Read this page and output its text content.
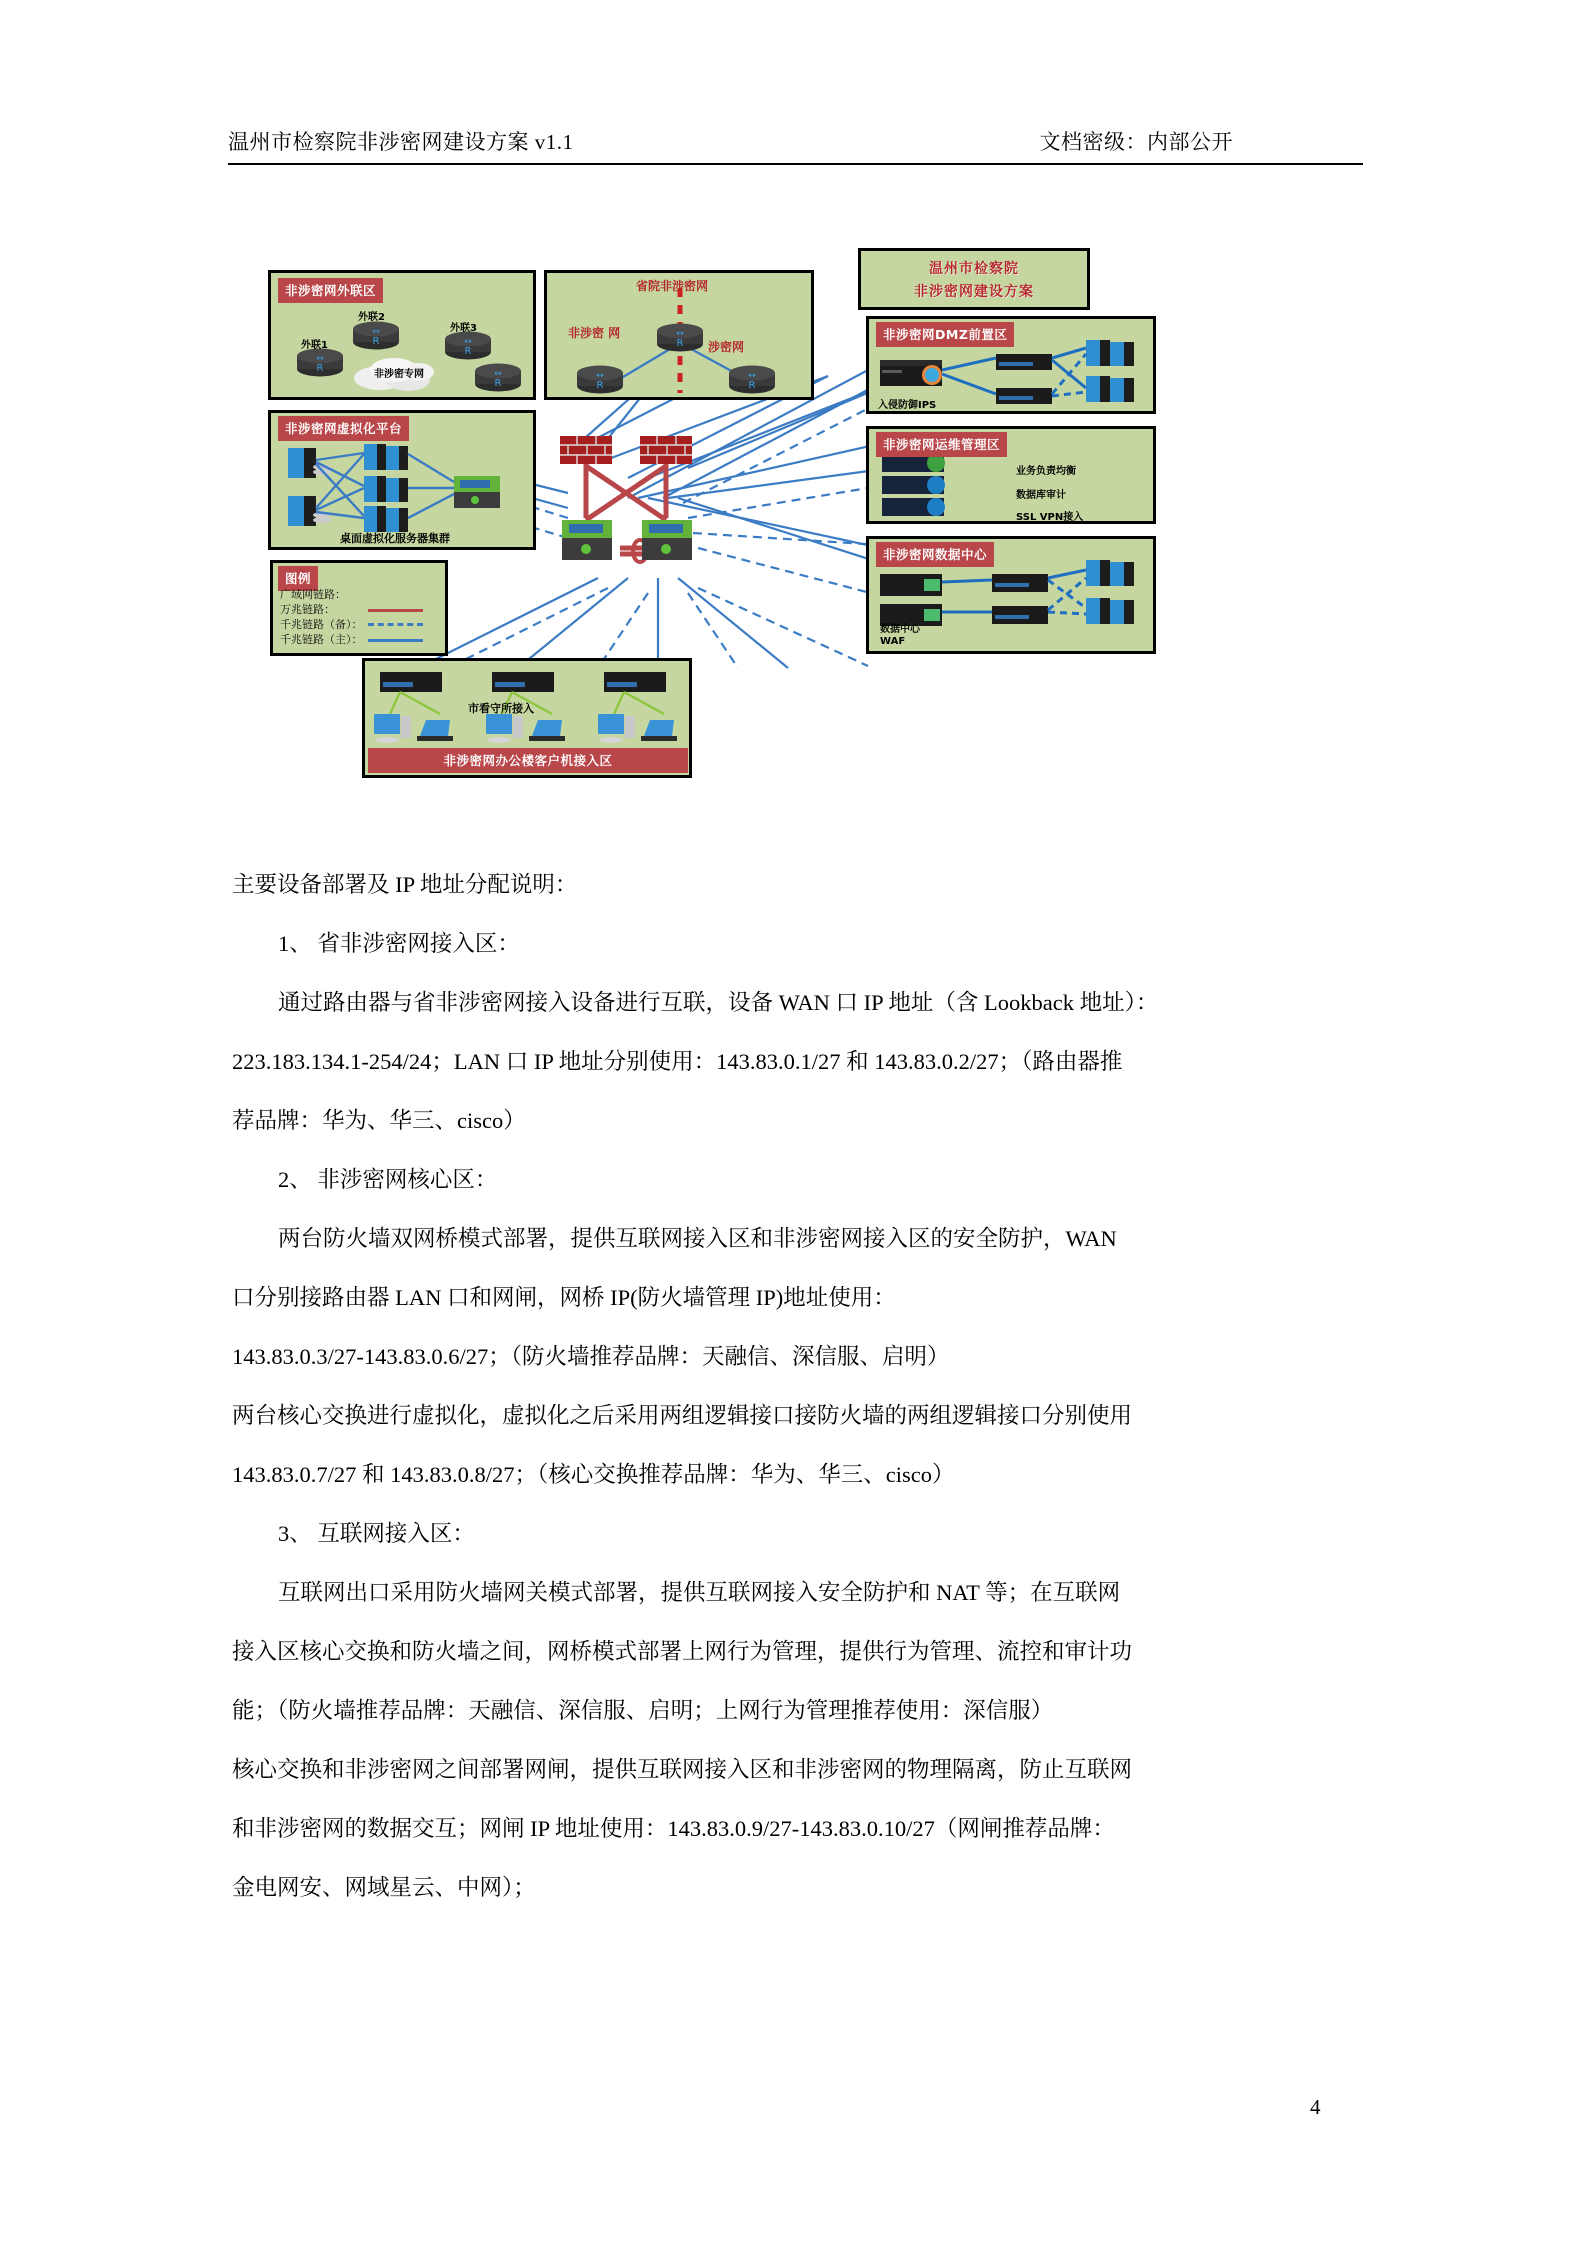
温州市检察院非涉密网建设方案 v1.1	文档密级：内部公开
非涉密网外联区
↔
R
↔
R	↔
R
↔
R
外联1
外联2
外联3
非涉密专网
省院非涉密网
非涉密 网
涉密网
↔
R
↔
R
↔
R
温州市检察院
非涉密网建设方案
非涉密网DMZ前置区
入侵防御IPS
非涉密网运维管理区
业务负责均衡
数据库审计
SSL VPN接入
非涉密网数据中心
数据中心
WAF
非涉密网虚拟化平台
桌面虚拟化服务器集群
图例
广域网链路：
万兆链路：
千兆链路（备）：
千兆链路（主）：
市看守所接入
非涉密网办公楼客户机接入区

主要设备部署及 IP 地址分配说明：

1、 省非涉密网接入区：

通过路由器与省非涉密网接入设备进行互联，设备 WAN 口 IP 地址（含 Lookback 地址）：

223.183.134.1-254/24；LAN 口 IP 地址分别使用：143.83.0.1/27 和 143.83.0.2/27；（路由器推

荐品牌：华为、华三、cisco）

2、 非涉密网核心区：

两台防火墙双网桥模式部署，提供互联网接入区和非涉密网接入区的安全防护，WAN

口分别接路由器 LAN 口和网闸，网桥 IP(防火墙管理 IP)地址使用：

143.83.0.3/27-143.83.0.6/27；（防火墙推荐品牌：天融信、深信服、启明）

两台核心交换进行虚拟化，虚拟化之后采用两组逻辑接口接防火墙的两组逻辑接口分别使用

143.83.0.7/27 和 143.83.0.8/27；（核心交换推荐品牌：华为、华三、cisco）

3、 互联网接入区：

互联网出口采用防火墙网关模式部署，提供互联网接入安全防护和 NAT 等；在互联网

接入区核心交换和防火墙之间，网桥模式部署上网行为管理，提供行为管理、流控和审计功

能；（防火墙推荐品牌：天融信、深信服、启明；上网行为管理推荐使用：深信服）

核心交换和非涉密网之间部署网闸，提供互联网接入区和非涉密网的物理隔离，防止互联网

和非涉密网的数据交互；网闸 IP 地址使用：143.83.0.9/27-143.83.0.10/27（网闸推荐品牌：

金电网安、网域星云、中网）；

4
